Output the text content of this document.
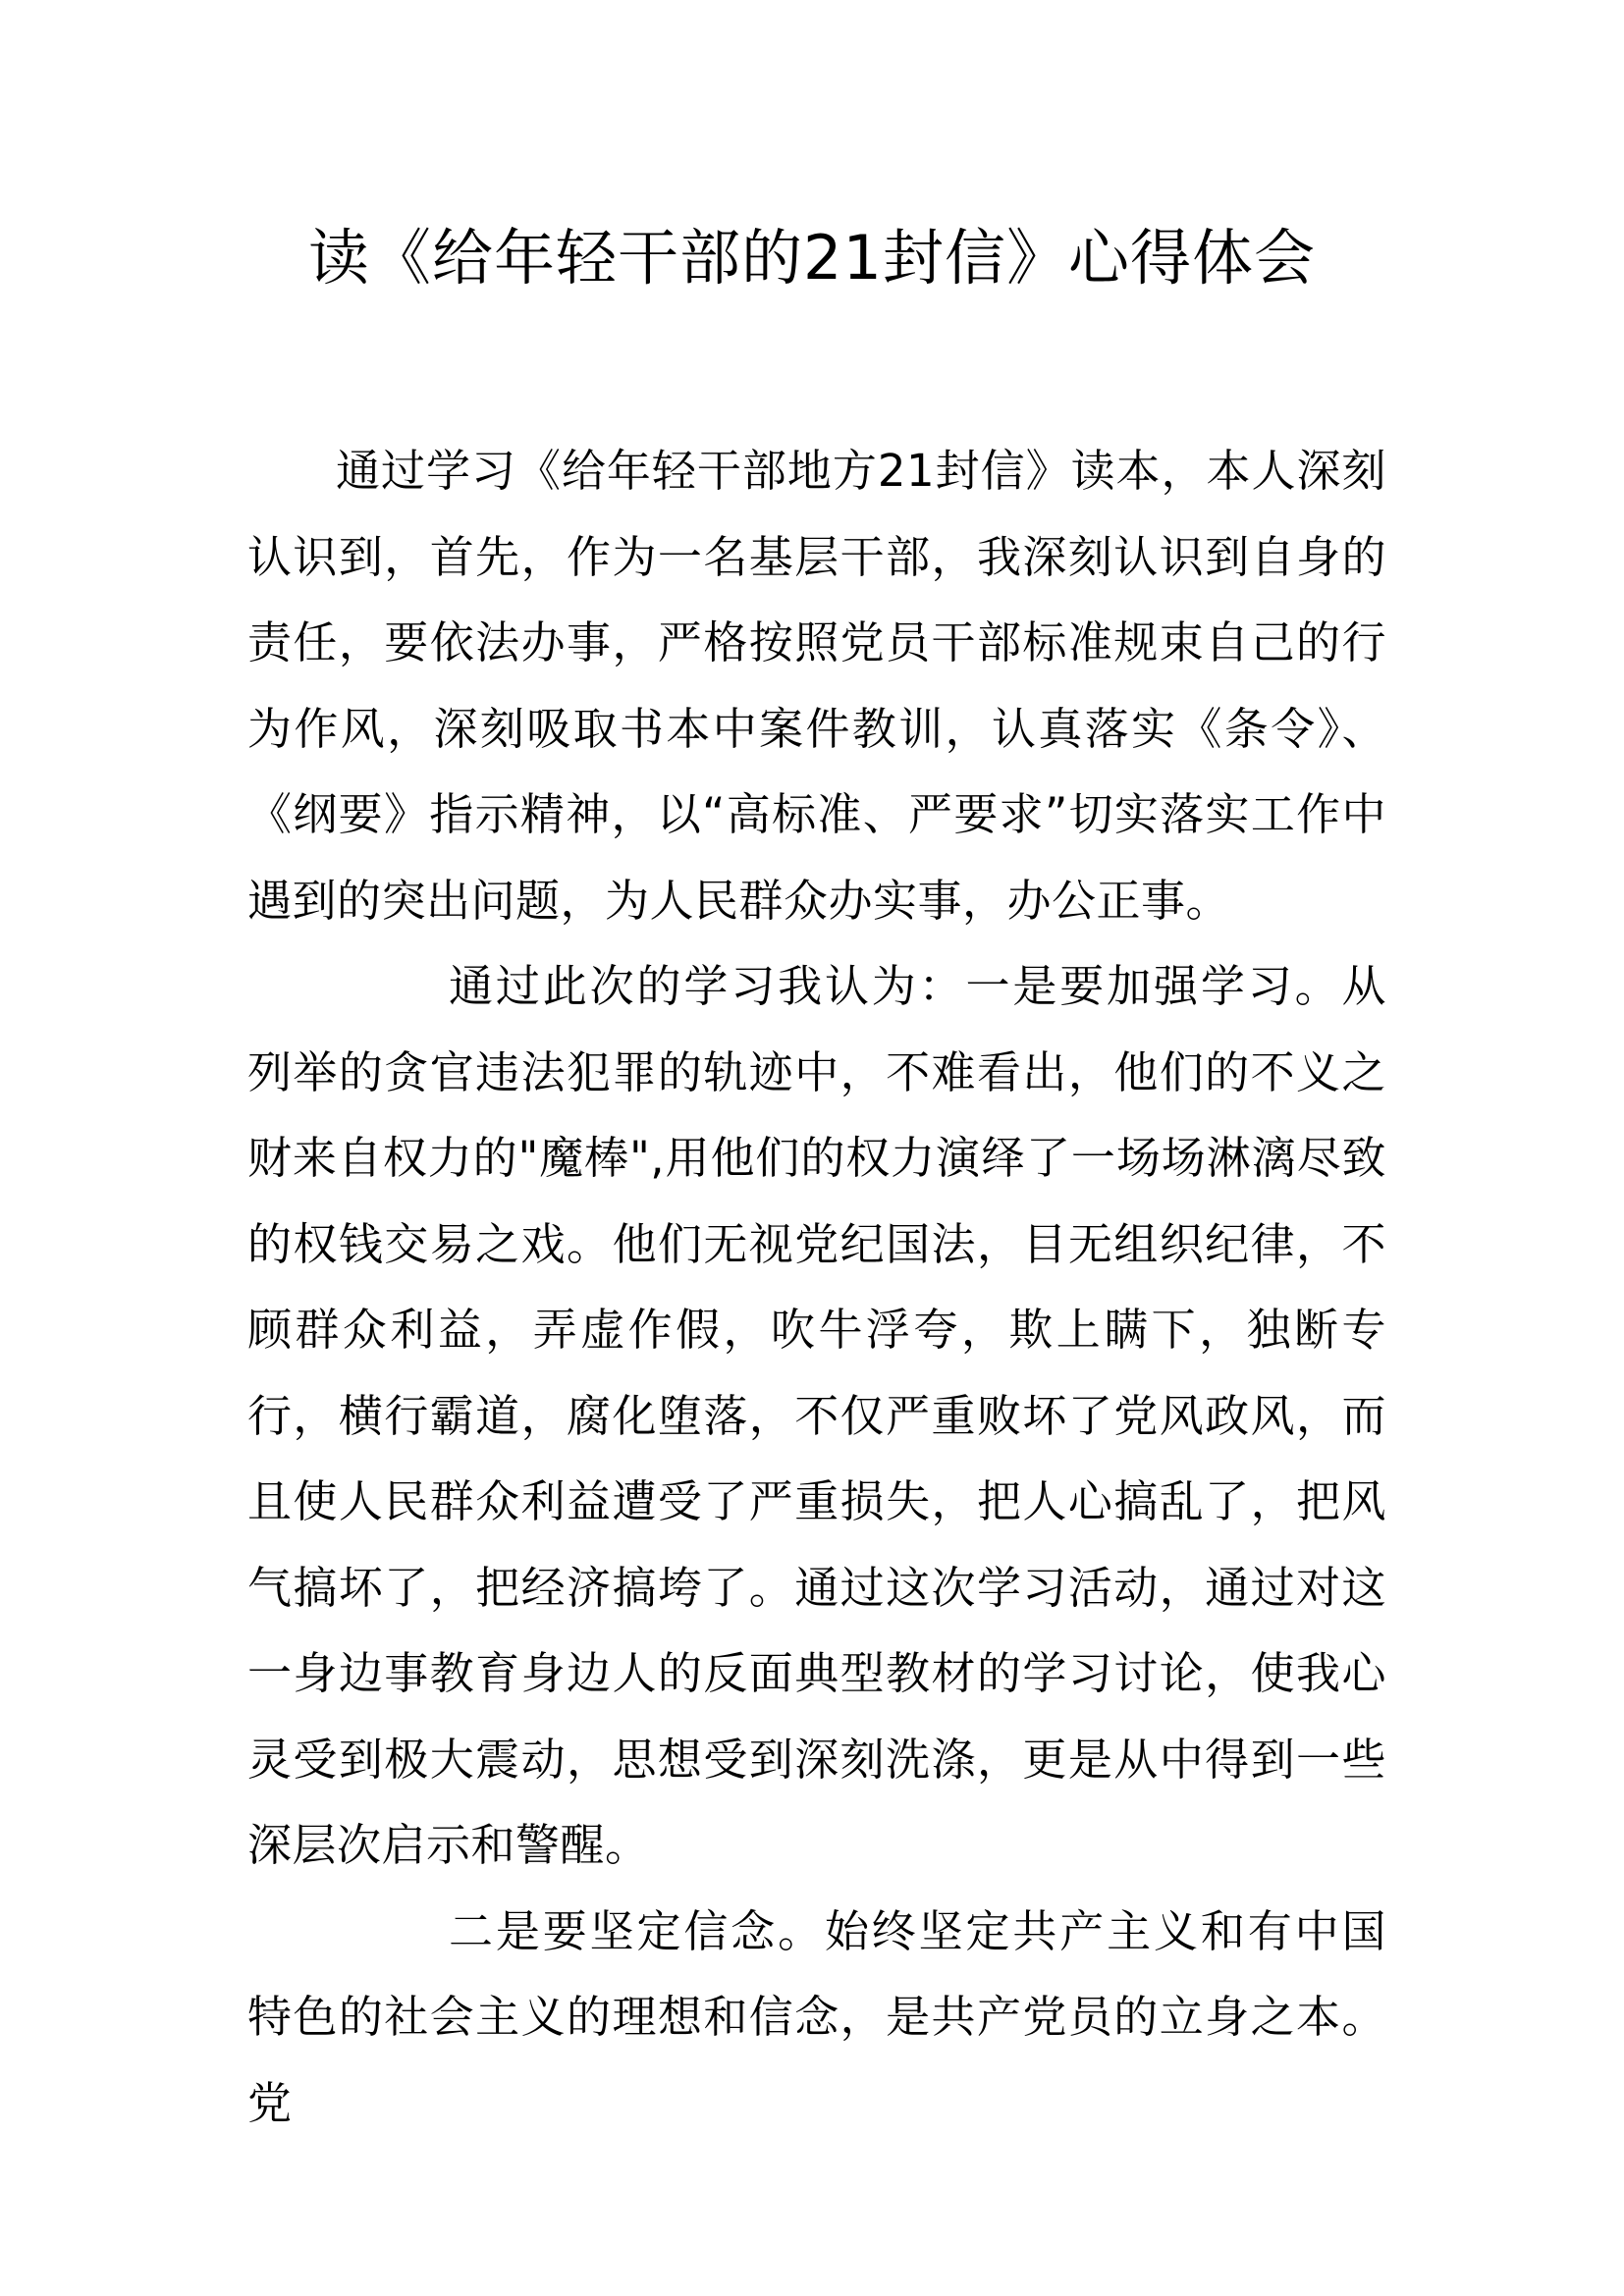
读《给年轻干部的21封信》心得体会

通过学习《给年轻干部地方21封信》读本，本人深刻认识到，首先，作为一名基层干部，我深刻认识到自身的责任，要依法办事，严格按照党员干部标准规束自己的行为作风，深刻吸取书本中案件教训，认真落实《条令》、《纲要》指示精神，以“高标准、严要求”切实落实工作中遇到的突出问题，为人民群众办实事，办公正事。

通过此次的学习我认为：一是要加强学习。从列举的贪官违法犯罪的轨迹中，不难看出，他们的不义之财来自权力的"魔棒",用他们的权力演绎了一场场淋漓尽致的权钱交易之戏。他们无视党纪国法，目无组织纪律，不顾群众利益，弄虚作假，吹牛浮夸，欺上瞒下，独断专行，横行霸道，腐化堕落，不仅严重败坏了党风政风，而且使人民群众利益遭受了严重损失，把人心搞乱了，把风气搞坏了，把经济搞垮了。通过这次学习活动，通过对这一身边事教育身边人的反面典型教材的学习讨论，使我心灵受到极大震动，思想受到深刻洗涤，更是从中得到一些深层次启示和警醒。

二是要坚定信念。始终坚定共产主义和有中国特色的社会主义的理想和信念，是共产党员的立身之本。党
